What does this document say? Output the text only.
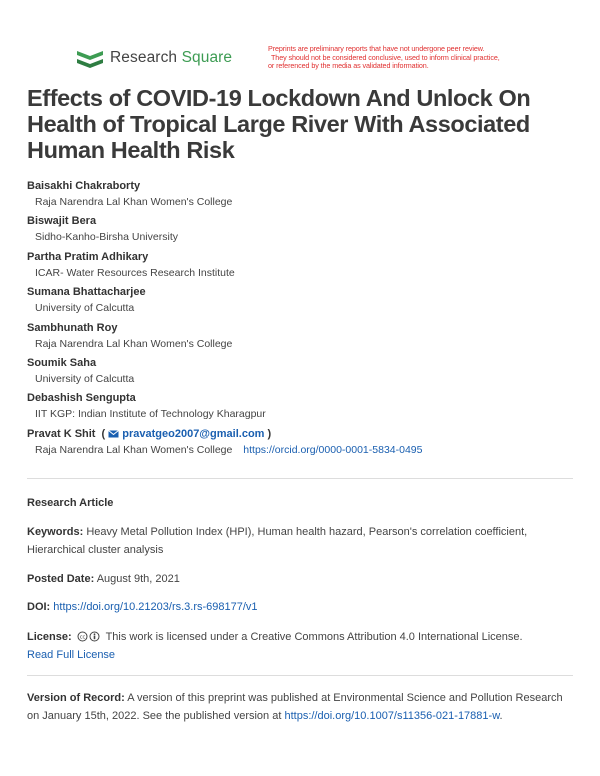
Research Square
Preprints are preliminary reports that have not undergone peer review.
They should not be considered conclusive, used to inform clinical practice,
or referenced by the media as validated information.
Effects of COVID-19 Lockdown And Unlock On Health of Tropical Large River With Associated Human Health Risk
Baisakhi Chakraborty
Raja Narendra Lal Khan Women's College
Biswajit Bera
Sidho-Kanho-Birsha University
Partha Pratim Adhikary
ICAR- Water Resources Research Institute
Sumana Bhattacharjee
University of Calcutta
Sambhunath Roy
Raja Narendra Lal Khan Women's College
Soumik Saha
University of Calcutta
Debashish Sengupta
IIT KGP: Indian Institute of Technology Kharagpur
Pravat K Shit ( pravatgeo2007@gmail.com )
Raja Narendra Lal Khan Women's College https://orcid.org/0000-0001-5834-0495
Research Article
Keywords: Heavy Metal Pollution Index (HPI), Human health hazard, Pearson's correlation coefficient, Hierarchical cluster analysis
Posted Date: August 9th, 2021
DOI: https://doi.org/10.21203/rs.3.rs-698177/v1
License: cc This work is licensed under a Creative Commons Attribution 4.0 International License.
Read Full License
Version of Record: A version of this preprint was published at Environmental Science and Pollution Research on January 15th, 2022. See the published version at https://doi.org/10.1007/s11356-021-17881-w.
